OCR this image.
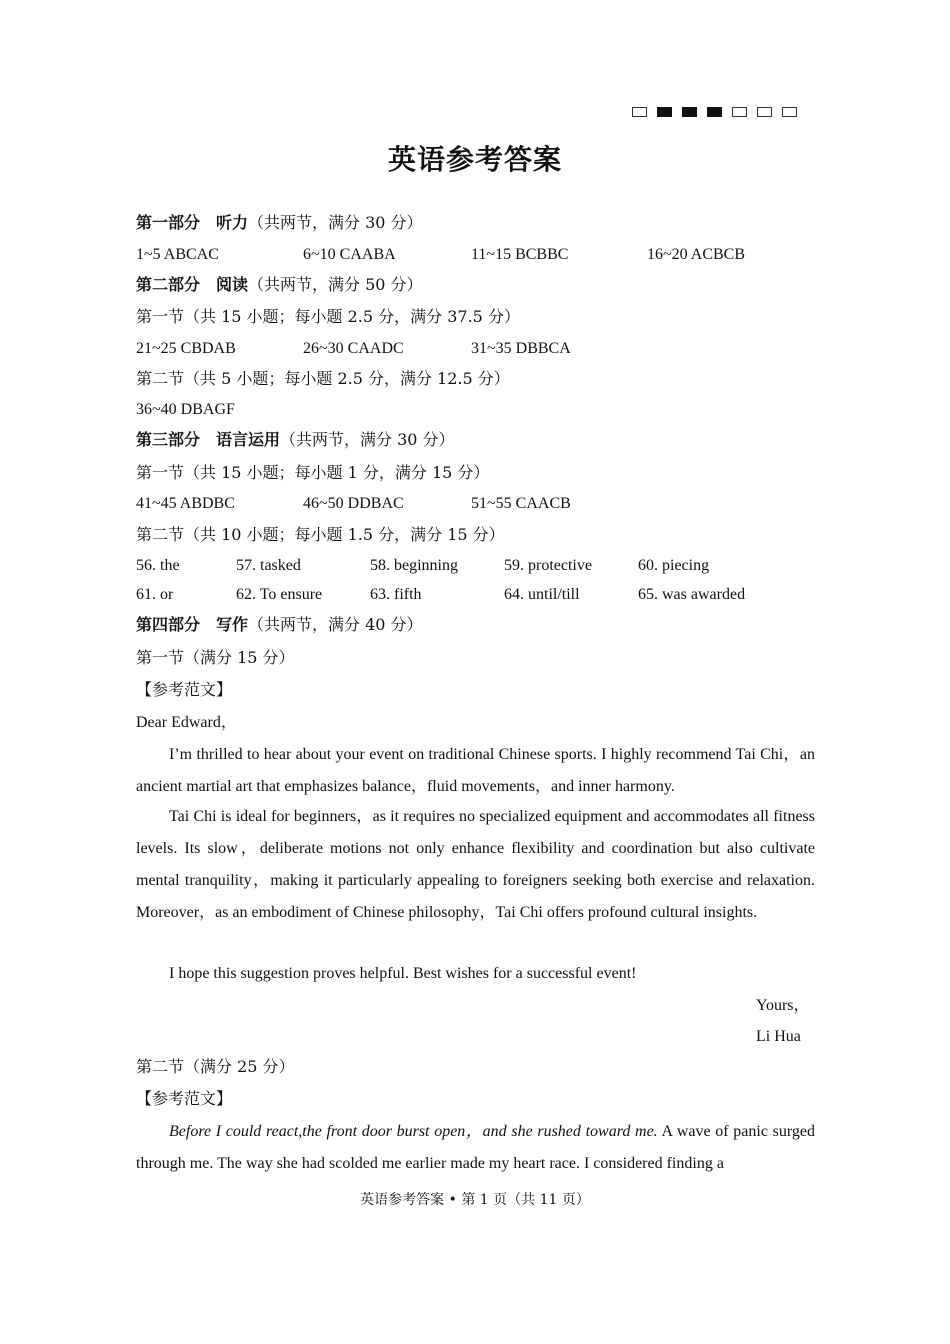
英语参考答案
第一部分　听力（共两节，满分 30 分）
1~5 ABCAC	6~10 CAABA	11~15 BCBBC	16~20 ACBCB
第二部分　阅读（共两节，满分 50 分）
第一节（共 15 小题；每小题 2.5 分，满分 37.5 分）
21~25 CBDAB	26~30 CAADC	31~35 DBBCA
第二节（共 5 小题；每小题 2.5 分，满分 12.5 分）
36~40 DBAGF
第三部分　语言运用（共两节，满分 30 分）
第一节（共 15 小题；每小题 1 分，满分 15 分）
41~45 ABDBC	46~50 DDBAC	51~55 CAACB
第二节（共 10 小题；每小题 1.5 分，满分 15 分）
56. the	57. tasked	58. beginning	59. protective	60. piecing
61. or	62. To ensure	63. fifth	64. until/till	65. was awarded
第四部分　写作（共两节，满分 40 分）
第一节（满分 15 分）
【参考范文】
Dear Edward，
I’m thrilled to hear about your event on traditional Chinese sports. I highly recommend Tai Chi，an ancient martial art that emphasizes balance，fluid movements，and inner harmony.
Tai Chi is ideal for beginners，as it requires no specialized equipment and accommodates all fitness levels. Its slow，deliberate motions not only enhance flexibility and coordination but also cultivate mental tranquility，making it particularly appealing to foreigners seeking both exercise and relaxation. Moreover，as an embodiment of Chinese philosophy，Tai Chi offers profound cultural insights.
I hope this suggestion proves helpful. Best wishes for a successful event!
Yours，
Li Hua
第二节（满分 25 分）
【参考范文】
Before I could react,the front door burst open，and she rushed toward me. A wave of panic surged through me. The way she had scolded me earlier made my heart race. I considered finding a
英语参考答案 • 第 1 页（共 11 页）
